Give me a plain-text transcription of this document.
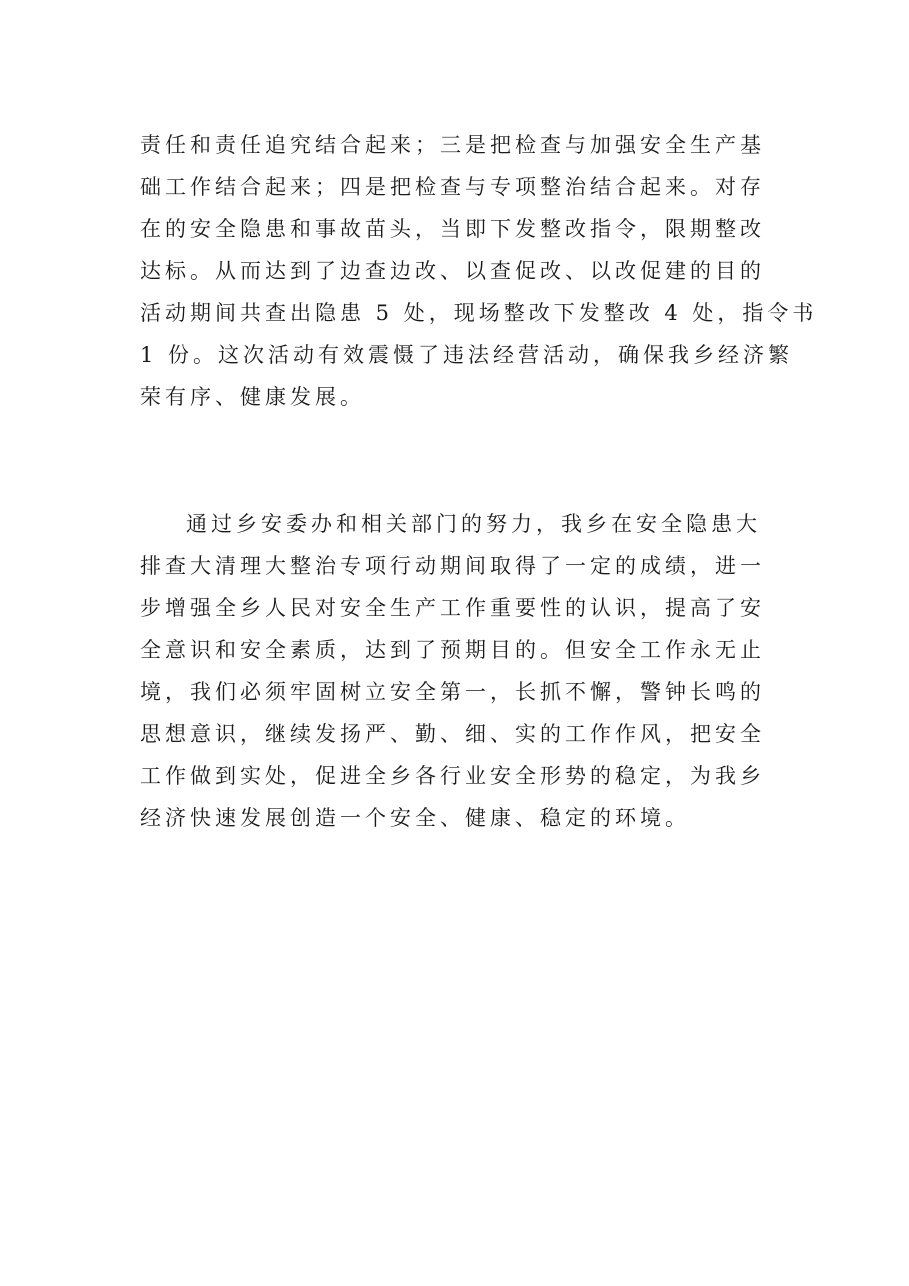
责任和责任追究结合起来；三是把检查与加强安全生产基
础工作结合起来；四是把检查与专项整治结合起来。对存
在的安全隐患和事故苗头，当即下发整改指令，限期整改
达标。从而达到了边查边改、以查促改、以改促建的目的
活动期间共查出隐患 5 处，现场整改下发整改 4 处，指令书
1 份。这次活动有效震慑了违法经营活动，确保我乡经济繁
荣有序、健康发展。
通过乡安委办和相关部门的努力，我乡在安全隐患大
排查大清理大整治专项行动期间取得了一定的成绩，进一
步增强全乡人民对安全生产工作重要性的认识，提高了安
全意识和安全素质，达到了预期目的。但安全工作永无止
境，我们必须牢固树立安全第一，长抓不懈，警钟长鸣的
思想意识，继续发扬严、勤、细、实的工作作风，把安全
工作做到实处，促进全乡各行业安全形势的稳定，为我乡
经济快速发展创造一个安全、健康、稳定的环境。
